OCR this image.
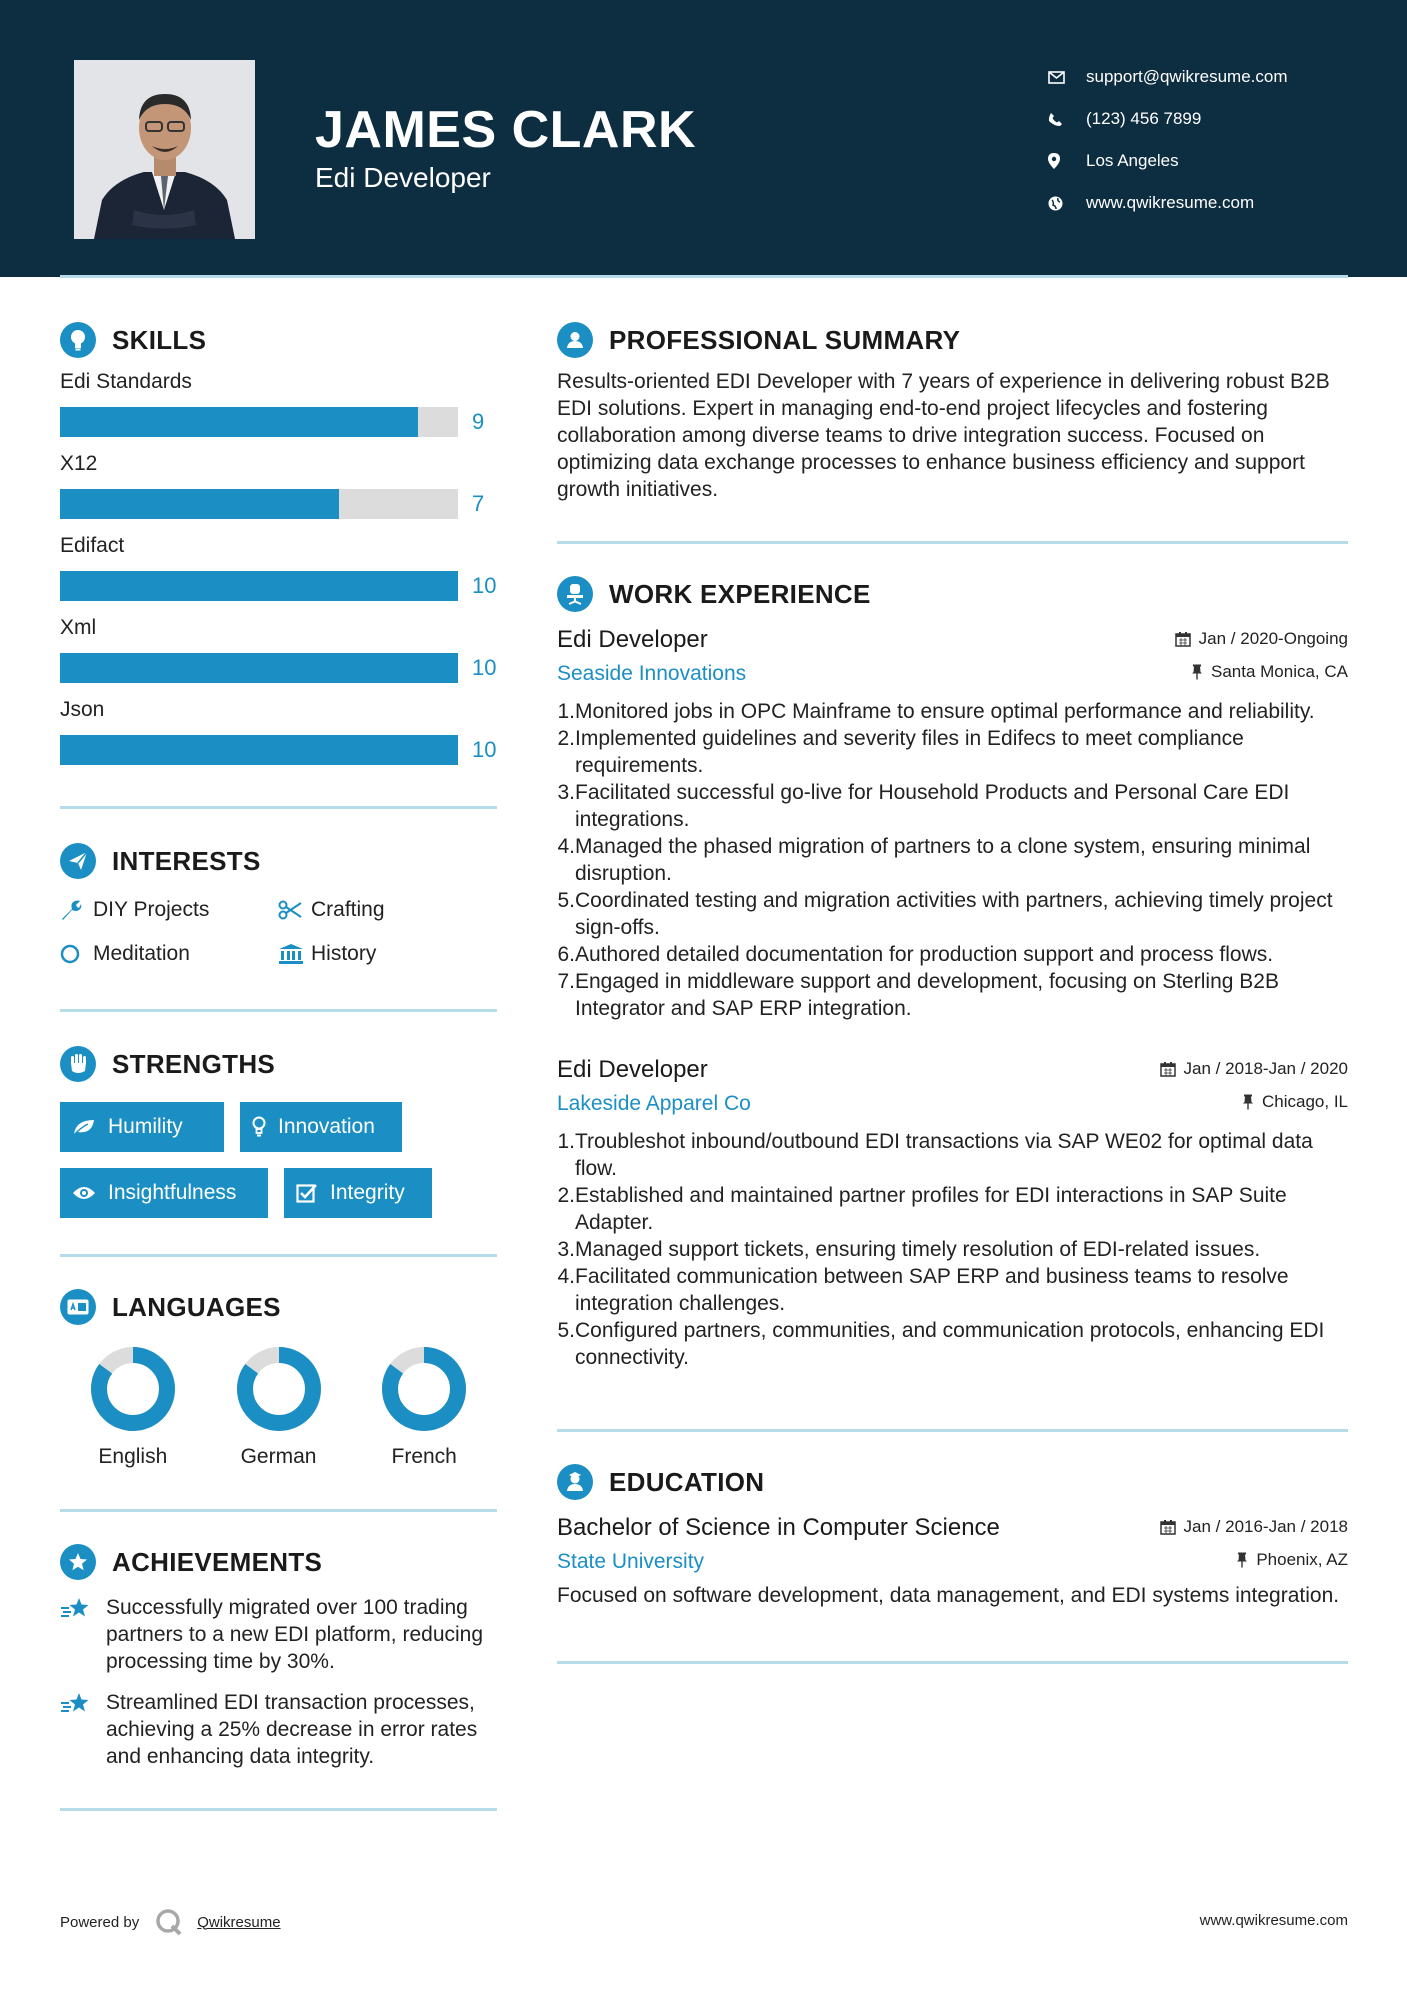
JAMES CLARK
Edi Developer
support@qwikresume.com
(123) 456 7899
Los Angeles
www.qwikresume.com
SKILLS
Edi Standards
9
X12
7
Edifact
10
Xml
10
Json
10
INTERESTS
DIY Projects	Crafting
Meditation	History
STRENGTHS
Humility	Innovation
Insightfulness	Integrity
LANGUAGES
English	German	French
ACHIEVEMENTS
Successfully migrated over 100 trading partners to a new EDI platform, reducing processing time by 30%.
Streamlined EDI transaction processes, achieving a 25% decrease in error rates and enhancing data integrity.
PROFESSIONAL SUMMARY
Results-oriented EDI Developer with 7 years of experience in delivering robust B2B EDI solutions. Expert in managing end-to-end project lifecycles and fostering collaboration among diverse teams to drive integration success. Focused on optimizing data exchange processes to enhance business efficiency and support growth initiatives.
WORK EXPERIENCE
Edi Developer	Jan / 2020-Ongoing
Seaside Innovations	Santa Monica, CA
1. Monitored jobs in OPC Mainframe to ensure optimal performance and reliability.
2. Implemented guidelines and severity files in Edifecs to meet compliance requirements.
3. Facilitated successful go-live for Household Products and Personal Care EDI integrations.
4. Managed the phased migration of partners to a clone system, ensuring minimal disruption.
5. Coordinated testing and migration activities with partners, achieving timely project sign-offs.
6. Authored detailed documentation for production support and process flows.
7. Engaged in middleware support and development, focusing on Sterling B2B Integrator and SAP ERP integration.
Edi Developer	Jan / 2018-Jan / 2020
Lakeside Apparel Co	Chicago, IL
1. Troubleshot inbound/outbound EDI transactions via SAP WE02 for optimal data flow.
2. Established and maintained partner profiles for EDI interactions in SAP Suite Adapter.
3. Managed support tickets, ensuring timely resolution of EDI-related issues.
4. Facilitated communication between SAP ERP and business teams to resolve integration challenges.
5. Configured partners, communities, and communication protocols, enhancing EDI connectivity.
EDUCATION
Bachelor of Science in Computer Science	Jan / 2016-Jan / 2018
State University	Phoenix, AZ
Focused on software development, data management, and EDI systems integration.
Powered by	Qwikresume	www.qwikresume.com
